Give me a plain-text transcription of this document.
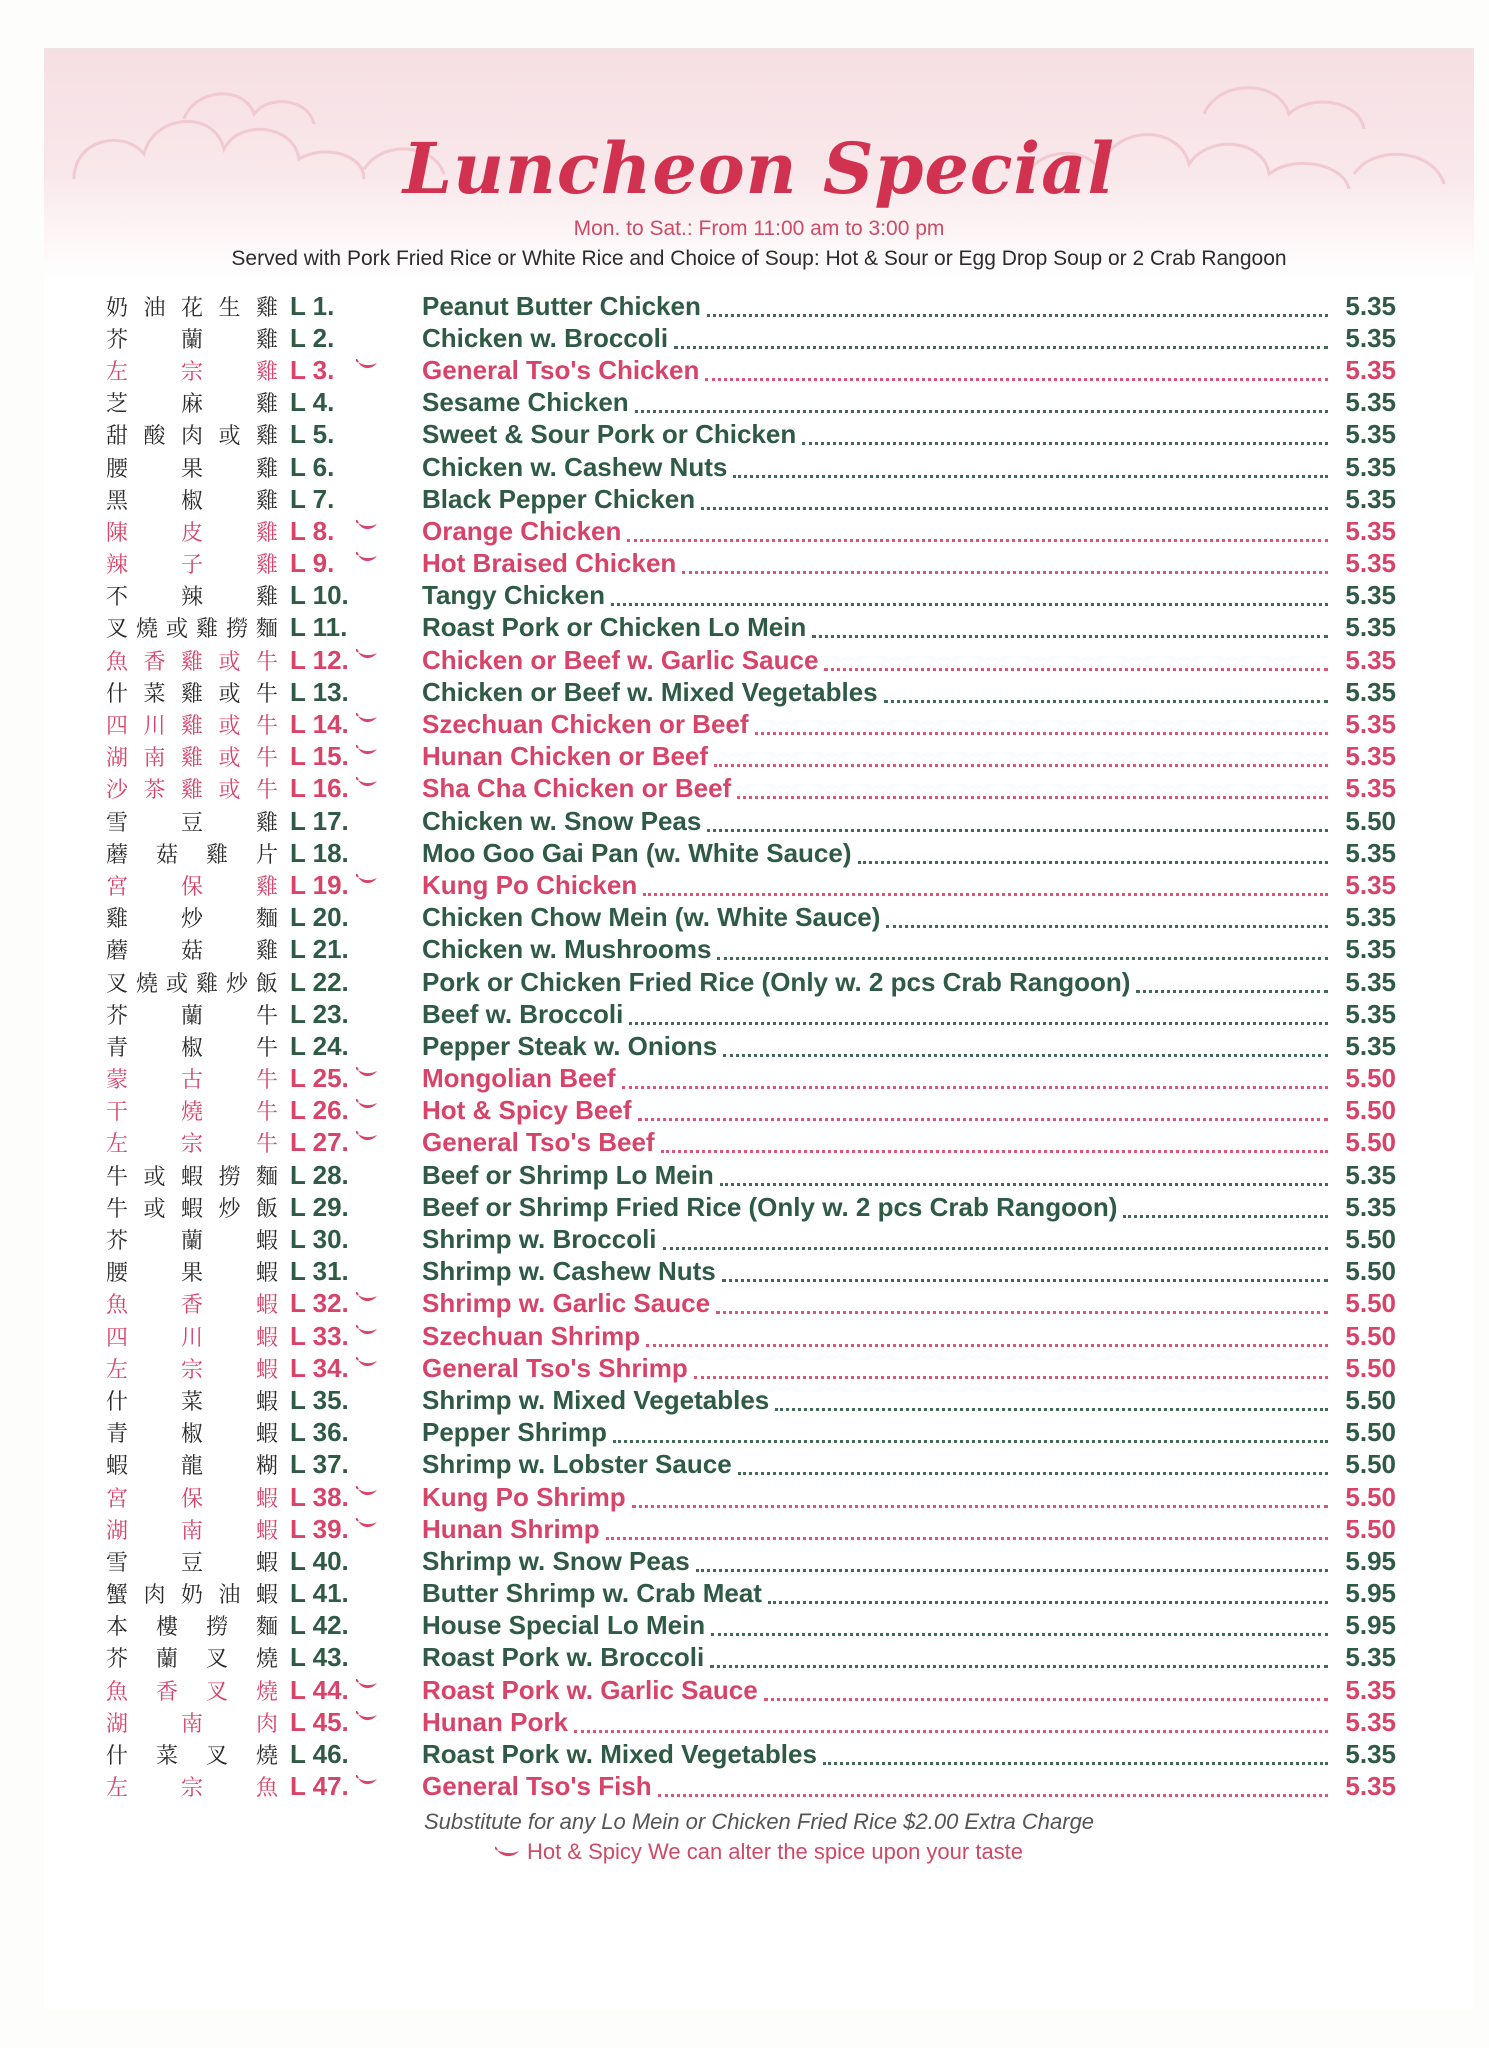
Luncheon Special

Mon. to Sat.: From 11:00 am to 3:00 pm

Served with Pork Fried Rice or White Rice and Choice of Soup: Hot & Sour or Egg Drop Soup or 2 Crab Rangoon

奶 油 花 生 雞 L 1.	Peanut Butter Chicken	5.35
芥 蘭 雞 L 2.	Chicken w. Broccoli	5.35
左 宗 雞 L 3.	General Tso's Chicken	5.35
芝 麻 雞 L 4.	Sesame Chicken	5.35
甜 酸 肉 或 雞 L 5.	Sweet & Sour Pork or Chicken	5.35
腰 果 雞 L 6.	Chicken w. Cashew Nuts	5.35
黑 椒 雞 L 7.	Black Pepper Chicken	5.35
陳 皮 雞 L 8.	Orange Chicken	5.35
辣 子 雞 L 9.	Hot Braised Chicken	5.35
不 辣 雞 L 10.	Tangy Chicken	5.35
叉 燒 或 雞 撈 麵 L 11.	Roast Pork or Chicken Lo Mein	5.35
魚 香 雞 或 牛 L 12.	Chicken or Beef w. Garlic Sauce	5.35
什 菜 雞 或 牛 L 13.	Chicken or Beef w. Mixed Vegetables	5.35
四 川 雞 或 牛 L 14.	Szechuan Chicken or Beef	5.35
湖 南 雞 或 牛 L 15.	Hunan Chicken or Beef	5.35
沙 茶 雞 或 牛 L 16.	Sha Cha Chicken or Beef	5.35
雪 豆 雞 L 17.	Chicken w. Snow Peas	5.50
蘑 菇 雞 片 L 18.	Moo Goo Gai Pan (w. White Sauce)	5.35
宮 保 雞 L 19.	Kung Po Chicken	5.35
雞 炒 麵 L 20.	Chicken Chow Mein (w. White Sauce)	5.35
蘑 菇 雞 L 21.	Chicken w. Mushrooms	5.35
叉 燒 或 雞 炒 飯 L 22.	Pork or Chicken Fried Rice (Only w. 2 pcs Crab Rangoon)	5.35
芥 蘭 牛 L 23.	Beef w. Broccoli	5.35
青 椒 牛 L 24.	Pepper Steak w. Onions	5.35
蒙 古 牛 L 25.	Mongolian Beef	5.50
干 燒 牛 L 26.	Hot & Spicy Beef	5.50
左 宗 牛 L 27.	General Tso's Beef	5.50
牛 或 蝦 撈 麵 L 28.	Beef or Shrimp Lo Mein	5.35
牛 或 蝦 炒 飯 L 29.	Beef or Shrimp Fried Rice (Only w. 2 pcs Crab Rangoon)	5.35
芥 蘭 蝦 L 30.	Shrimp w. Broccoli	5.50
腰 果 蝦 L 31.	Shrimp w. Cashew Nuts	5.50
魚 香 蝦 L 32.	Shrimp w. Garlic Sauce	5.50
四 川 蝦 L 33.	Szechuan Shrimp	5.50
左 宗 蝦 L 34.	General Tso's Shrimp	5.50
什 菜 蝦 L 35.	Shrimp w. Mixed Vegetables	5.50
青 椒 蝦 L 36.	Pepper Shrimp	5.50
蝦 龍 糊 L 37.	Shrimp w. Lobster Sauce	5.50
宮 保 蝦 L 38.	Kung Po Shrimp	5.50
湖 南 蝦 L 39.	Hunan Shrimp	5.50
雪 豆 蝦 L 40.	Shrimp w. Snow Peas	5.95
蟹 肉 奶 油 蝦 L 41.	Butter Shrimp w. Crab Meat	5.95
本 樓 撈 麵 L 42.	House Special Lo Mein	5.95
芥 蘭 叉 燒 L 43.	Roast Pork w. Broccoli	5.35
魚 香 叉 燒 L 44.	Roast Pork w. Garlic Sauce	5.35
湖 南 肉 L 45.	Hunan Pork	5.35
什 菜 叉 燒 L 46.	Roast Pork w. Mixed Vegetables	5.35
左 宗 魚 L 47.	General Tso's Fish	5.35

Substitute for any Lo Mein or Chicken Fried Rice $2.00 Extra Charge

Hot & Spicy We can alter the spice upon your taste
